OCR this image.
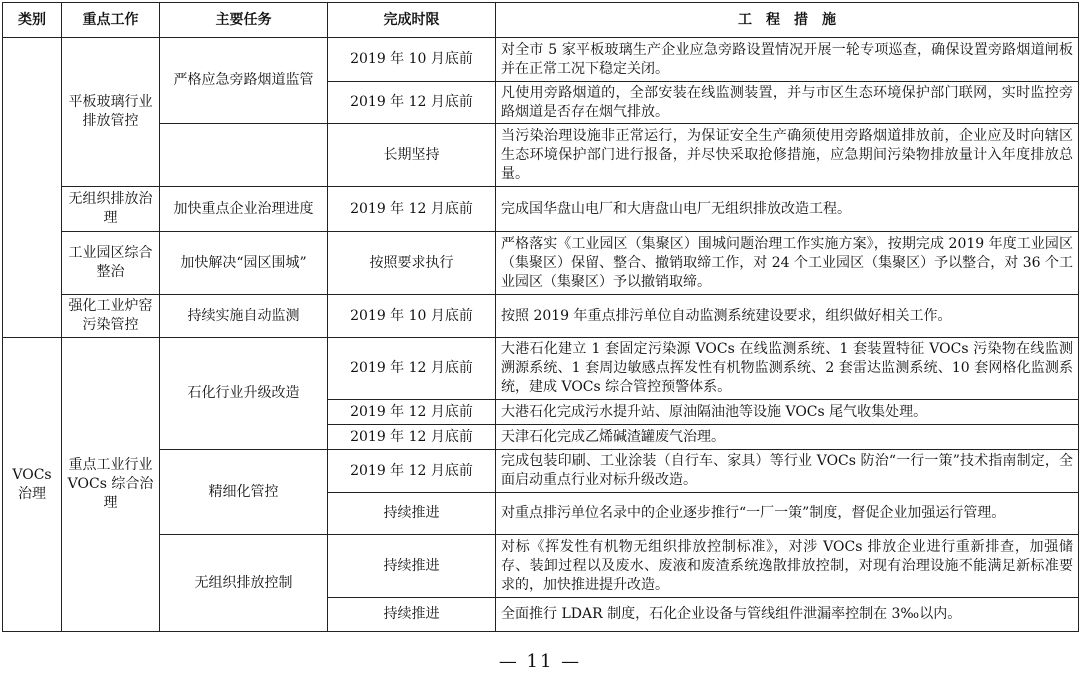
类别	重点工作	主要任务	完成时限	工　程　措　施
	平板玻璃行业排放管控	严格应急旁路烟道监管	2019 年 10 月底前	对全市 5 家平板玻璃生产企业应急旁路设置情况开展一轮专项巡查，确保设置旁路烟道闸板并在正常工况下稳定关闭。
			2019 年 12 月底前	凡使用旁路烟道的，全部安装在线监测装置，并与市区生态环境保护部门联网，实时监控旁路烟道是否存在烟气排放。
			长期坚持	当污染治理设施非正常运行，为保证安全生产确须使用旁路烟道排放前，企业应及时向辖区生态环境保护部门进行报备，并尽快采取抢修措施，应急期间污染物排放量计入年度排放总量。
	无组织排放治理	加快重点企业治理进度	2019 年 12 月底前	完成国华盘山电厂和大唐盘山电厂无组织排放改造工程。
	工业园区综合整治	加快解决“园区围城”	按照要求执行	严格落实《工业园区（集聚区）围城问题治理工作实施方案》，按期完成 2019 年度工业园区（集聚区）保留、整合、撤销取缔工作，对 24 个工业园区（集聚区）予以整合，对 36 个工业园区（集聚区）予以撤销取缔。
	强化工业炉窑污染管控	持续实施自动监测	2019 年 10 月底前	按照 2019 年重点排污单位自动监测系统建设要求，组织做好相关工作。
VOCs 治理	重点工业行业 VOCs 综合治理	石化行业升级改造	2019 年 12 月底前	大港石化建立 1 套固定污染源 VOCs 在线监测系统、1 套装置特征 VOCs 污染物在线监测溯源系统、1 套周边敏感点挥发性有机物监测系统、2 套雷达监测系统、10 套网格化监测系统，建成 VOCs 综合管控预警体系。
			2019 年 12 月底前	大港石化完成污水提升站、原油隔油池等设施 VOCs 尾气收集处理。
			2019 年 12 月底前	天津石化完成乙烯碱渣罐废气治理。
		精细化管控	2019 年 12 月底前	完成包装印刷、工业涂装（自行车、家具）等行业 VOCs 防治“一行一策”技术指南制定，全面启动重点行业对标升级改造。
			持续推进	对重点排污单位名录中的企业逐步推行“一厂一策”制度，督促企业加强运行管理。
		无组织排放控制	持续推进	对标《挥发性有机物无组织排放控制标准》，对涉 VOCs 排放企业进行重新排查，加强储存、装卸过程以及废水、废液和废渣系统逸散排放控制，对现有治理设施不能满足新标准要求的，加快推进提升改造。
			持续推进	全面推行 LDAR 制度，石化企业设备与管线组件泄漏率控制在 3‰以内。
— 11 —
